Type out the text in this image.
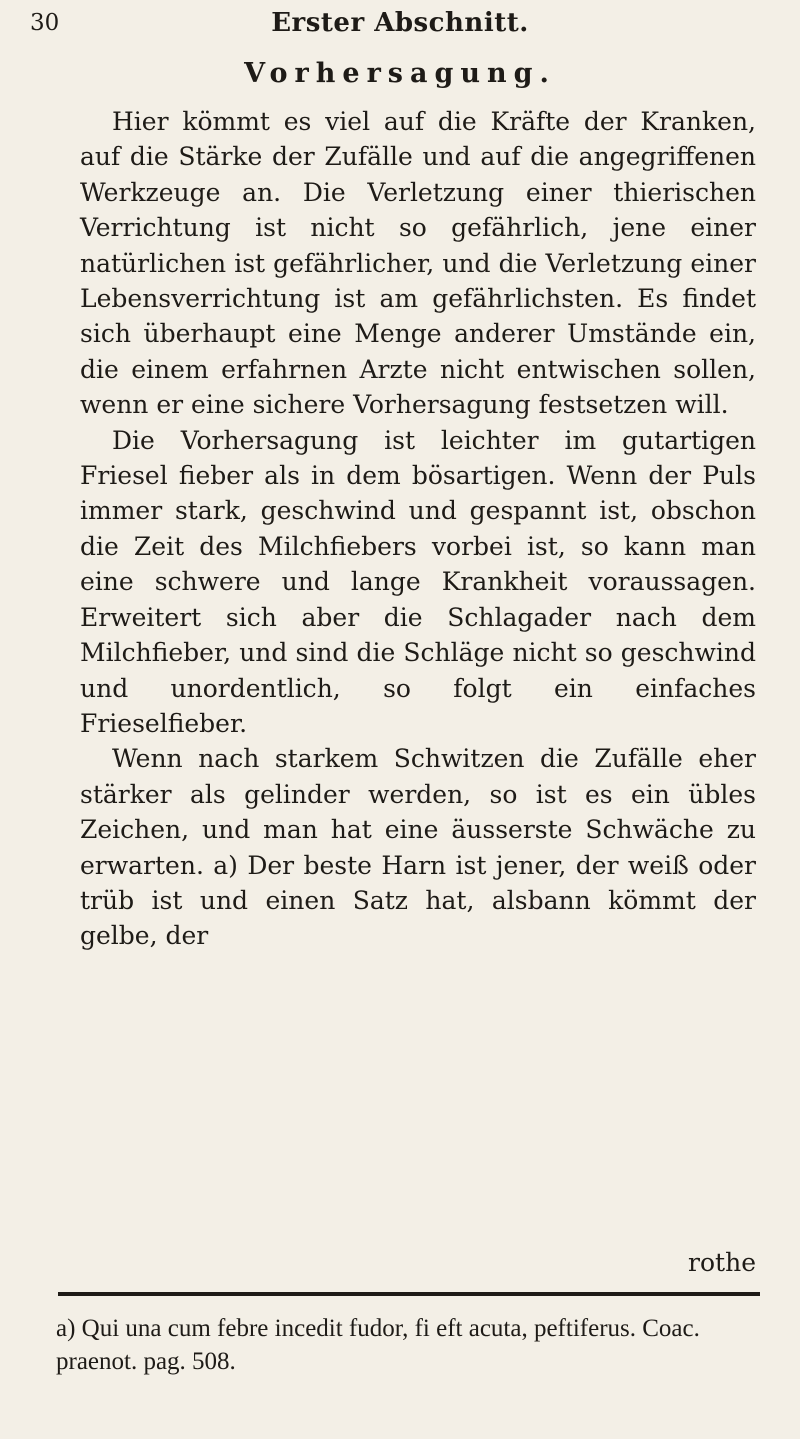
30	Erster Abschnitt.
Vorhersagung.

Hier kömmt es viel auf die Kräfte der Kranken, auf die Stärke der Zufälle und auf die angegriffenen Werkzeuge an. Die Verletzung einer thierischen Verrichtung ist nicht so gefährlich, jene einer natürlichen ist gefährlicher, und die Verletzung einer Lebensverrichtung ist am gefährlichsten. Es findet sich überhaupt eine Menge anderer Umstände ein, die einem erfahrnen Arzte nicht entwischen sollen, wenn er eine sichere Vorhersagung festsetzen will.

Die Vorhersagung ist leichter im gutartigen Friesel fieber als in dem bösartigen. Wenn der Puls immer stark, geschwind und gespannt ist, obschon die Zeit des Milchfiebers vorbei ist, so kann man eine schwere und lange Krankheit voraussagen. Erweitert sich aber die Schlagader nach dem Milchfieber, und sind die Schläge nicht so geschwind und unordentlich, so folgt ein einfaches Frieselfieber.

Wenn nach starkem Schwitzen die Zufälle eher stärker als gelinder werden, so ist es ein übles Zeichen, und man hat eine äusserste Schwäche zu erwarten. a) Der beste Harn ist jener, der weiß oder trüb ist und einen Satz hat, alsbann kömmt der gelbe, der

rothe
a) Qui una cum febre incedit fudor, fi eft acuta, peftiferus. Coac. praenot. pag. 508.
